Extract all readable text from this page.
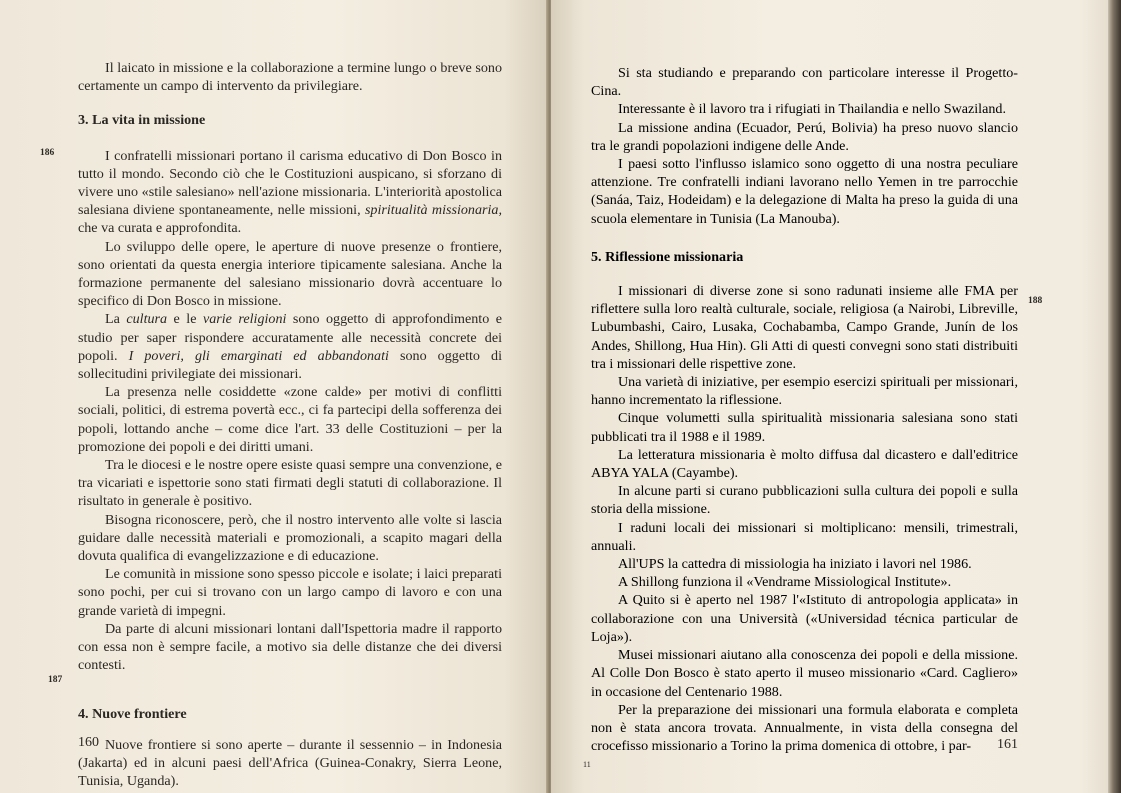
Il laicato in missione e la collaborazione a termine lungo o breve sono certamente un campo di intervento da privilegiare.

3. La vita in missione

I confratelli missionari portano il carisma educativo di Don Bosco in tutto il mondo. Secondo ciò che le Costituzioni auspicano, si sforzano di vivere uno «stile salesiano» nell'azione missionaria. L'interiorità apostolica salesiana diviene spontaneamente, nelle missioni, spiritualità missionaria, che va curata e approfondita.

Lo sviluppo delle opere, le aperture di nuove presenze o frontiere, sono orientati da questa energia interiore tipicamente salesiana. Anche la formazione permanente del salesiano missionario dovrà accentuare lo specifico di Don Bosco in missione.

La cultura e le varie religioni sono oggetto di approfondimento e studio per saper rispondere accuratamente alle necessità concrete dei popoli. I poveri, gli emarginati ed abbandonati sono oggetto di sollecitudini privilegiate dei missionari.

La presenza nelle cosiddette «zone calde» per motivi di conflitti sociali, politici, di estrema povertà ecc., ci fa partecipi della sofferenza dei popoli, lottando anche – come dice l'art. 33 delle Costituzioni – per la promozione dei popoli e dei diritti umani.

Tra le diocesi e le nostre opere esiste quasi sempre una convenzione, e tra vicariati e ispettorie sono stati firmati degli statuti di collaborazione. Il risultato in generale è positivo.

Bisogna riconoscere, però, che il nostro intervento alle volte si lascia guidare dalle necessità materiali e promozionali, a scapito magari della dovuta qualifica di evangelizzazione e di educazione.

Le comunità in missione sono spesso piccole e isolate; i laici preparati sono pochi, per cui si trovano con un largo campo di lavoro e con una grande varietà di impegni.

Da parte di alcuni missionari lontani dall'Ispettoria madre il rapporto con essa non è sempre facile, a motivo sia delle distanze che dei diversi contesti.

4. Nuove frontiere

Nuove frontiere si sono aperte – durante il sessennio – in Indonesia (Jakarta) ed in alcuni paesi dell'Africa (Guinea-Conakry, Sierra Leone, Tunisia, Uganda).

186
187
160

Si sta studiando e preparando con particolare interesse il Progetto-Cina.

Interessante è il lavoro tra i rifugiati in Thailandia e nello Swaziland.

La missione andina (Ecuador, Perú, Bolivia) ha preso nuovo slancio tra le grandi popolazioni indigene delle Ande.

I paesi sotto l'influsso islamico sono oggetto di una nostra peculiare attenzione. Tre confratelli indiani lavorano nello Yemen in tre parrocchie (Sanáa, Taiz, Hodeidam) e la delegazione di Malta ha preso la guida di una scuola elementare in Tunisia (La Manouba).

5. Riflessione missionaria

I missionari di diverse zone si sono radunati insieme alle FMA per riflettere sulla loro realtà culturale, sociale, religiosa (a Nairobi, Libreville, Lubumbashi, Cairo, Lusaka, Cochabamba, Campo Grande, Junín de los Andes, Shillong, Hua Hin). Gli Atti di questi convegni sono stati distribuiti tra i missionari delle rispettive zone.

Una varietà di iniziative, per esempio esercizi spirituali per missionari, hanno incrementato la riflessione.

Cinque volumetti sulla spiritualità missionaria salesiana sono stati pubblicati tra il 1988 e il 1989.

La letteratura missionaria è molto diffusa dal dicastero e dall'editrice ABYA YALA (Cayambe).

In alcune parti si curano pubblicazioni sulla cultura dei popoli e sulla storia della missione.

I raduni locali dei missionari si moltiplicano: mensili, trimestrali, annuali.

All'UPS la cattedra di missiologia ha iniziato i lavori nel 1986.

A Shillong funziona il «Vendrame Missiological Institute».

A Quito si è aperto nel 1987 l'«Istituto di antropologia applicata» in collaborazione con una Università («Universidad técnica particular de Loja»).

Musei missionari aiutano alla conoscenza dei popoli e della missione. Al Colle Don Bosco è stato aperto il museo missionario «Card. Cagliero» in occasione del Centenario 1988.

Per la preparazione dei missionari una formula elaborata e completa non è stata ancora trovata. Annualmente, in vista della consegna del crocefisso missionario a Torino la prima domenica di ottobre, i par-

188
161
11
